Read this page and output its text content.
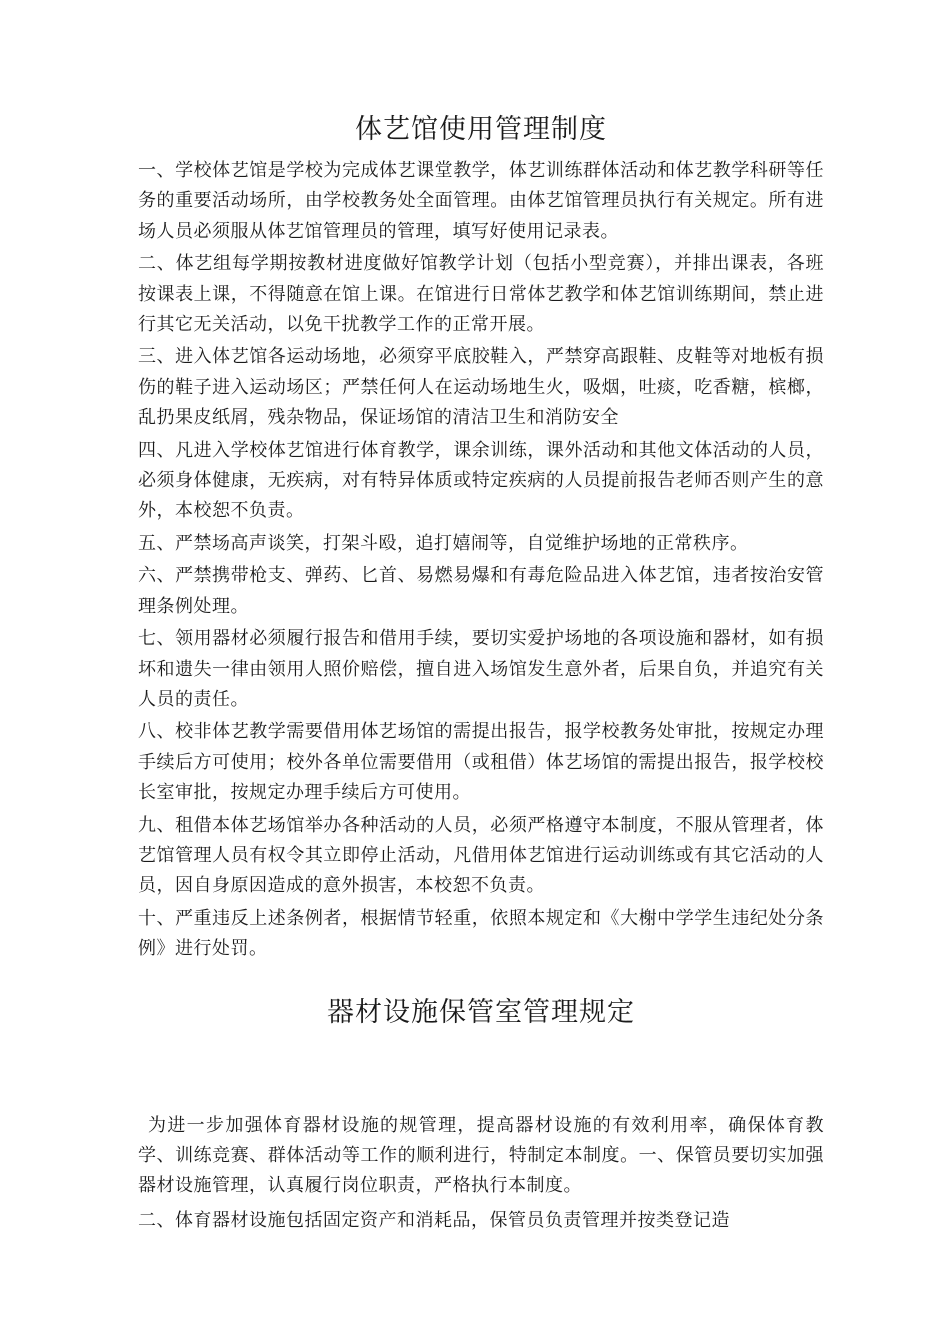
体艺馆使用管理制度

一、学校体艺馆是学校为完成体艺课堂教学，体艺训练群体活动和体艺教学科研等任务的重要活动场所，由学校教务处全面管理。由体艺馆管理员执行有关规定。所有进场人员必须服从体艺馆管理员的管理，填写好使用记录表。

二、体艺组每学期按教材进度做好馆教学计划（包括小型竞赛），并排出课表，各班按课表上课，不得随意在馆上课。在馆进行日常体艺教学和体艺馆训练期间，禁止进行其它无关活动，以免干扰教学工作的正常开展。

三、进入体艺馆各运动场地，必须穿平底胶鞋入，严禁穿高跟鞋、皮鞋等对地板有损伤的鞋子进入运动场区；严禁任何人在运动场地生火，吸烟，吐痰，吃香糖，槟榔，乱扔果皮纸屑，残杂物品，保证场馆的清洁卫生和消防安全

四、凡进入学校体艺馆进行体育教学，课余训练，课外活动和其他文体活动的人员，必须身体健康，无疾病，对有特异体质或特定疾病的人员提前报告老师否则产生的意外，本校恕不负责。

五、严禁场高声谈笑，打架斗殴，追打嬉闹等，自觉维护场地的正常秩序。

六、严禁携带枪支、弹药、匕首、易燃易爆和有毒危险品进入体艺馆，违者按治安管理条例处理。

七、领用器材必须履行报告和借用手续，要切实爱护场地的各项设施和器材，如有损坏和遗失一律由领用人照价赔偿，擅自进入场馆发生意外者，后果自负，并追究有关人员的责任。

八、校非体艺教学需要借用体艺场馆的需提出报告，报学校教务处审批，按规定办理手续后方可使用；校外各单位需要借用（或租借）体艺场馆的需提出报告，报学校校长室审批，按规定办理手续后方可使用。

九、租借本体艺场馆举办各种活动的人员，必须严格遵守本制度，不服从管理者，体艺馆管理人员有权令其立即停止活动，凡借用体艺馆进行运动训练或有其它活动的人员，因自身原因造成的意外损害，本校恕不负责。

十、严重违反上述条例者，根据情节轻重，依照本规定和《大榭中学学生违纪处分条例》进行处罚。

器材设施保管室管理规定

为进一步加强体育器材设施的规管理，提高器材设施的有效利用率，确保体育教学、训练竞赛、群体活动等工作的顺利进行，特制定本制度。一、保管员要切实加强器材设施管理，认真履行岗位职责，严格执行本制度。

二、体育器材设施包括固定资产和消耗品，保管员负责管理并按类登记造
